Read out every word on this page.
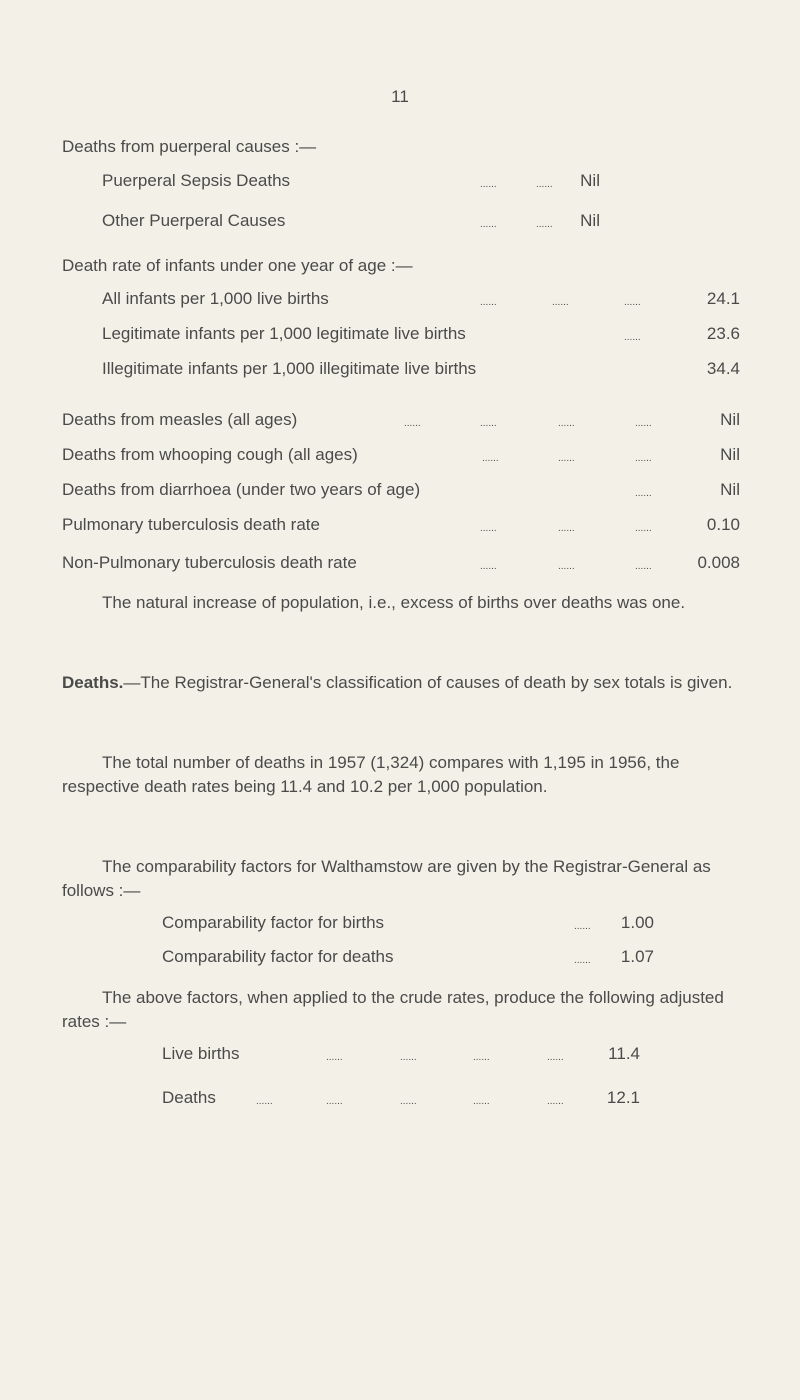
11
Deaths from puerperal causes :—
Puerperal Sepsis Deaths	......	...... Nil
Other Puerperal Causes	......	...... Nil
Death rate of infants under one year of age :—
All infants per 1,000 live births	......	......	......	24.1
Legitimate infants per 1,000 legitimate live births	......	23.6
Illegitimate infants per 1,000 illegitimate live births	34.4
Deaths from measles (all ages)	......	......	......	......	Nil
Deaths from whooping cough (all ages)	......	......	......	Nil
Deaths from diarrhoea (under two years of age)	......	Nil
Pulmonary tuberculosis death rate	......	......	......	0.10
Non-Pulmonary tuberculosis death rate	......	......	......	0.008
The natural increase of population, i.e., excess of births over deaths was one.
Deaths.—The Registrar-General's classification of causes of death by sex totals is given.
The total number of deaths in 1957 (1,324) compares with 1,195 in 1956, the respective death rates being 11.4 and 10.2 per 1,000 population.
The comparability factors for Walthamstow are given by the Registrar-General as follows :—
Comparability factor for births	...... 1.00
Comparability factor for deaths	...... 1.07
The above factors, when applied to the crude rates, produce the following adjusted rates :—
Live births	......	......	......	......	11.4
Deaths	......	......	......	......	......	12.1
